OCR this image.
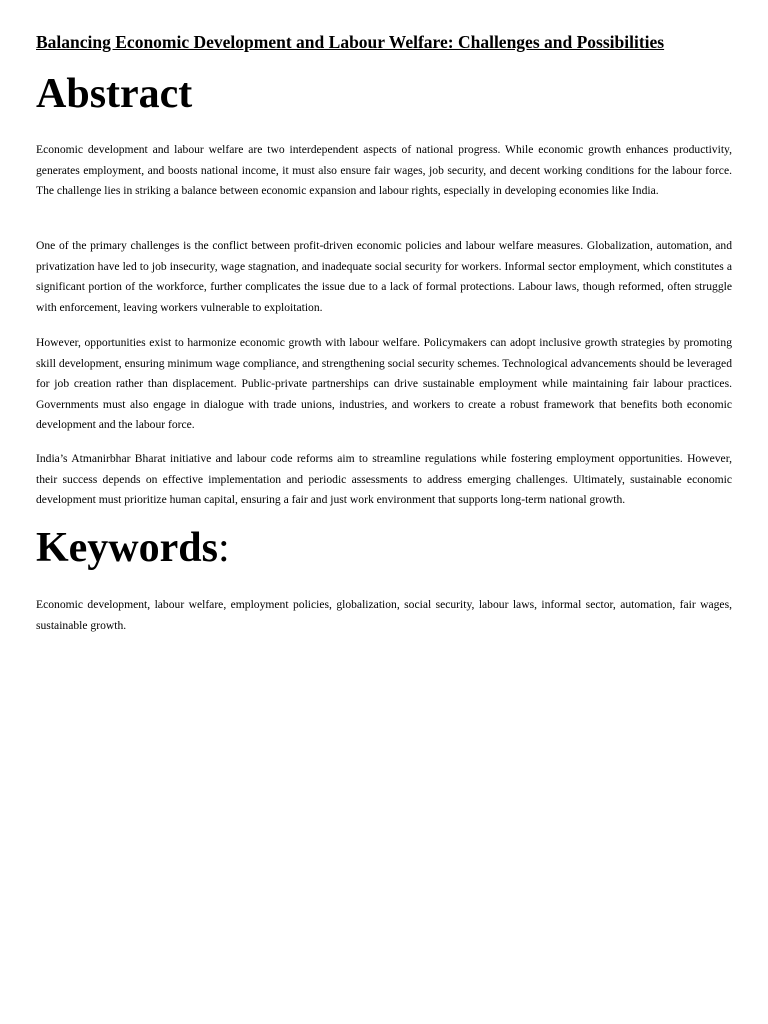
Balancing Economic Development and Labour Welfare: Challenges and Possibilities
Abstract

Economic development and labour welfare are two interdependent aspects of national progress. While economic growth enhances productivity, generates employment, and boosts national income, it must also ensure fair wages, job security, and decent working conditions for the labour force. The challenge lies in striking a balance between economic expansion and labour rights, especially in developing economies like India.

One of the primary challenges is the conflict between profit-driven economic policies and labour welfare measures. Globalization, automation, and privatization have led to job insecurity, wage stagnation, and inadequate social security for workers. Informal sector employment, which constitutes a significant portion of the workforce, further complicates the issue due to a lack of formal protections. Labour laws, though reformed, often struggle with enforcement, leaving workers vulnerable to exploitation.

However, opportunities exist to harmonize economic growth with labour welfare. Policymakers can adopt inclusive growth strategies by promoting skill development, ensuring minimum wage compliance, and strengthening social security schemes. Technological advancements should be leveraged for job creation rather than displacement. Public-private partnerships can drive sustainable employment while maintaining fair labour practices. Governments must also engage in dialogue with trade unions, industries, and workers to create a robust framework that benefits both economic development and the labour force.

India’s Atmanirbhar Bharat initiative and labour code reforms aim to streamline regulations while fostering employment opportunities. However, their success depends on effective implementation and periodic assessments to address emerging challenges. Ultimately, sustainable economic development must prioritize human capital, ensuring a fair and just work environment that supports long-term national growth.

Keywords:

Economic development, labour welfare, employment policies, globalization, social security, labour laws, informal sector, automation, fair wages, sustainable growth.
